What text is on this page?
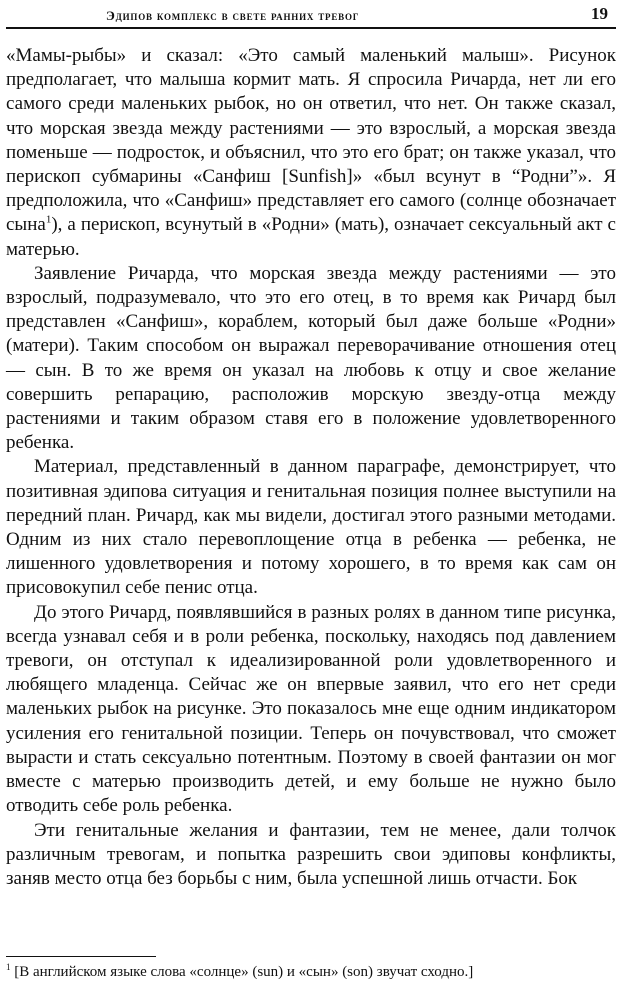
Эдипов комплекс в свете ранних тревог	19

«Мамы-рыбы» и сказал: «Это самый маленький малыш». Рисунок предполагает, что малыша кормит мать. Я спросила Ричарда, нет ли его самого среди маленьких рыбок, но он ответил, что нет. Он также сказал, что морская звезда между растениями — это взрослый, а морская звезда поменьше — подросток, и объяснил, что это его брат; он также указал, что перископ субмарины «Санфиш [Sunfish]» «был всунут в “Родни”». Я предположила, что «Санфиш» представляет его самого (солнце обозначает сына$^1$), а перископ, всунутый в «Родни» (мать), означает сексуальный акт с матерью.

Заявление Ричарда, что морская звезда между растениями — это взрослый, подразумевало, что это его отец, в то время как Ричард был представлен «Санфиш», кораблем, который был даже больше «Родни» (матери). Таким способом он выражал переворачивание отношения отец — сын. В то же время он указал на любовь к отцу и свое желание совершить репарацию, расположив морскую звезду-отца между растениями и таким образом ставя его в положение удовлетворенного ребенка.

Материал, представленный в данном параграфе, демонстрирует, что позитивная эдипова ситуация и генитальная позиция полнее выступили на передний план. Ричард, как мы видели, достигал этого разными методами. Одним из них стало перевоплощение отца в ребенка — ребенка, не лишенного удовлетворения и потому хорошего, в то время как сам он присовокупил себе пенис отца.

До этого Ричард, появлявшийся в разных ролях в данном типе рисунка, всегда узнавал себя и в роли ребенка, поскольку, находясь под давлением тревоги, он отступал к идеализированной роли удовлетворенного и любящего младенца. Сейчас же он впервые заявил, что его нет среди маленьких рыбок на рисунке. Это показалось мне еще одним индикатором усиления его генитальной позиции. Теперь он почувствовал, что сможет вырасти и стать сексуально потентным. Поэтому в своей фантазии он мог вместе с матерью производить детей, и ему больше не нужно было отводить себе роль ребенка.

Эти генитальные желания и фантазии, тем не менее, дали толчок различным тревогам, и попытка разрешить свои эдиповы конфликты, заняв место отца без борьбы с ним, была успешной лишь отчасти. Бок

$^1$ [В английском языке слова «солнце» (sun) и «сын» (son) звучат сходно.]
